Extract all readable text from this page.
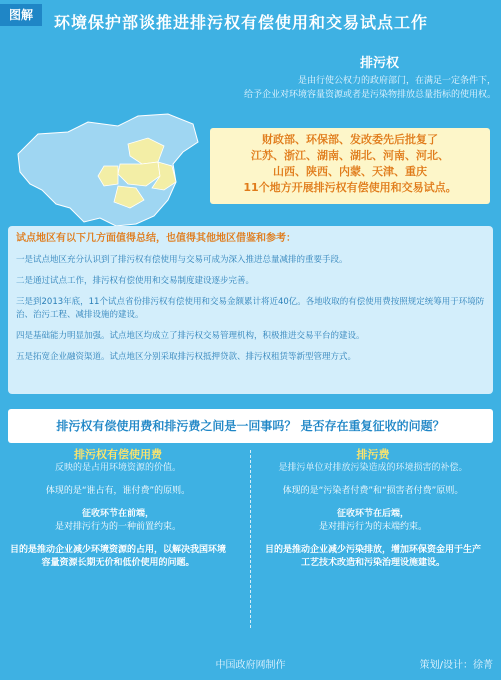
图解	环境保护部谈推进排污权有偿使用和交易试点工作
排污权
是由行使公权力的政府部门，在满足一定条件下，
给予企业对环境容量资源或者是污染物排放总量指标的使用权。
财政部、环保部、发改委先后批复了
江苏、浙江、湖南、湖北、河南、河北、
山西、陕西、内蒙、天津、重庆
11个地方开展排污权有偿使用和交易试点。
试点地区有以下几方面值得总结，也值得其他地区借鉴和参考：
一是试点地区充分认识到了排污权有偿使用与交易可成为深入推进总量减排的重要手段。
二是通过试点工作，排污权有偿使用和交易制度建设逐步完善。
三是到2013年底，11个试点省份排污权有偿使用和交易金额累计将近40亿。各地收取的有偿使用费按照规定统筹用于环境防治、治污工程、减排设施的建设。
四是基础能力明显加强。试点地区均成立了排污权交易管理机构，积极推进交易平台的建设。
五是拓宽企业融资渠道。试点地区分别采取排污权抵押贷款、排污权租赁等新型管理方式。
排污权有偿使用费和排污费之间是一回事吗？ 是否存在重复征收的问题？
排污权有偿使用费
反映的是占用环境资源的价值。
体现的是“谁占有，谁付费”的原则。
征收环节在前端，
是对排污行为的一种前置约束。
目的是推动企业减少环境资源的占用，以解决我国环境容量资源长期无价和低价使用的问题。
排污费
是排污单位对排放污染造成的环境损害的补偿。
体现的是“污染者付费”和“损害者付费”原则。
征收环节在后端，
是对排污行为的末端约束。
目的是推动企业减少污染排放，增加环保资金用于生产工艺技术改造和污染治理设施建设。
中国政府网制作	策划/设计：徐菁
